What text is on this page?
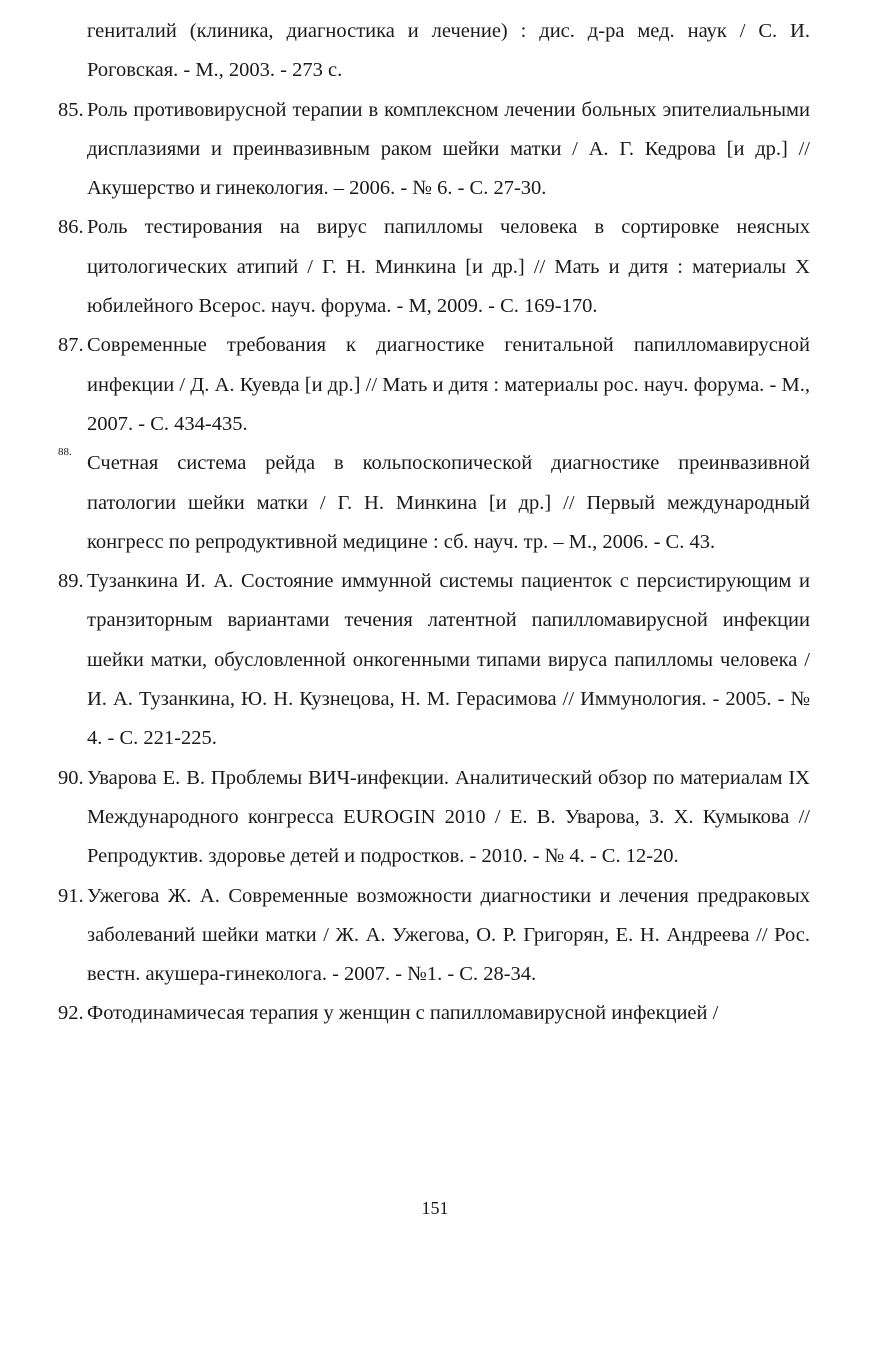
гениталий (клиника, диагностика и лечение) : дис. д-ра мед. наук / С. И. Роговская. - М., 2003. - 273 с.
85. Роль противовирусной терапии в комплексном лечении больных эпителиальными дисплазиями и преинвазивным раком шейки матки / А. Г. Кедрова [и др.] // Акушерство и гинекология. – 2006. - № 6. - С. 27-30.
86. Роль тестирования на вирус папилломы человека в сортировке неясных цитологических атипий / Г. Н. Минкина [и др.] // Мать и дитя : материалы X юбилейного Всерос. науч. форума. - М, 2009. - С. 169-170.
87. Современные требования к диагностике генитальной папилломавирусной инфекции / Д. А. Куевда [и др.] // Мать и дитя : материалы рос. науч. форума. - М., 2007. - С. 434-435.
88. Счетная система рейда в кольпоскопической диагностике преинвазивной патологии шейки матки / Г. Н. Минкина [и др.] // Первый международный конгресс по репродуктивной медицине : сб. науч. тр. – М., 2006. - С. 43.
89. Тузанкина И. А. Состояние иммунной системы пациенток с персистирующим и транзиторным вариантами течения латентной папилломавирусной инфекции шейки матки, обусловленной онкогенными типами вируса папилломы человека / И. А. Тузанкина, Ю. Н. Кузнецова, Н. М. Герасимова // Иммунология. - 2005. - № 4. - С. 221-225.
90. Уварова Е. В. Проблемы ВИЧ-инфекции. Аналитический обзор по материалам IX Международного конгресса EUROGIN 2010 / Е. В. Уварова, З. Х. Кумыкова // Репродуктив. здоровье детей и подростков. - 2010. - № 4. - С. 12-20.
91. Ужегова Ж. А. Современные возможности диагностики и лечения предраковых заболеваний шейки матки / Ж. А. Ужегова, О. Р. Григорян, Е. Н. Андреева // Рос. вестн. акушера-гинеколога. - 2007. - №1. - С. 28-34.
92. Фотодинамичесая терапия у женщин с папилломавирусной инфекцией /
151
